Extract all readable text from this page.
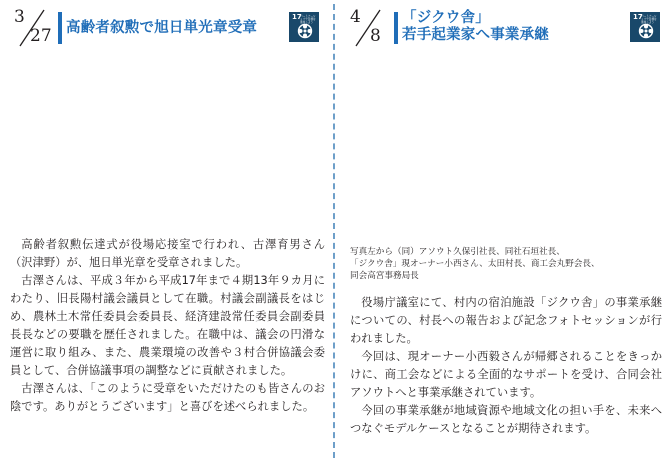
3
27 高齢者叙勲で旭日単光章受章
17
パートナーシップで目標を達成しよう

高齢者叙勲伝達式が役場応接室で行われ、古澤育男さん（沢津野）が、旭日単光章を受章されました。

古澤さんは、平成３年から平成17年まで４期13年９カ月にわたり、旧長陽村議会議員として在職。村議会副議長をはじめ、農林土木常任委員会委員長、経済建設常任委員会副委員長長などの要職を歴任されました。在職中は、議会の円滑な運営に取り組み、また、農業環境の改善や３村合併協議会委員として、合併協議事項の調整などに貢献されました。

古澤さんは、「このように受章をいただけたのも皆さんのお陰です。ありがとうございます」と喜びを述べられました。

4
8
「ジクウ舎」
若手起業家へ事業承継
17
パートナーシップで目標を達成しよう
写真左から（同）アソウト久保引社長、同社石垣社長、
「ジクウ舎」現オーナー小西さん、太田村長、商工会丸野会長、
同会高宮事務局長

役場庁議室にて、村内の宿泊施設「ジクウ舎」の事業承継についての、村長への報告および記念フォトセッションが行われました。

今回は、現オーナー小西毅さんが帰郷されることをきっかけに、商工会などによる全面的なサポートを受け、合同会社アソウトへと事業承継されています。

今回の事業承継が地域資源や地域文化の担い手を、未来へつなぐモデルケースとなることが期待されます。
